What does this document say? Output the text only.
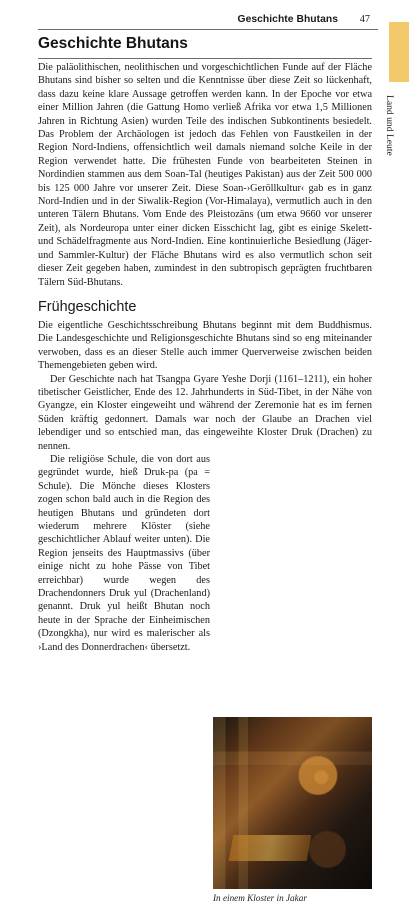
Geschichte Bhutans 47
Land und Leute
Geschichte Bhutans

Die paläolithischen, neolithischen und vorgeschichtlichen Funde auf der Fläche Bhutans sind bisher so selten und die Kenntnisse über diese Zeit so lückenhaft, dass dazu keine klare Aussage getroffen werden kann. In der Epoche vor etwa einer Million Jahren (die Gattung Homo verließ Afrika vor etwa 1,5 Millionen Jahren in Richtung Asien) wurden Teile des indischen Subkontinents besiedelt. Das Problem der Archäologen ist jedoch das Fehlen von Faustkeilen in der Region Nord-Indiens, offensichtlich weil damals niemand solche Keile in der Region verwendet hatte. Die frühesten Funde von bearbeiteten Steinen in Nordindien stammen aus dem Soan-Tal (heutiges Pakistan) aus der Zeit 500 000 bis 125 000 Jahre vor unserer Zeit. Diese Soan-›Geröllkultur‹ gab es in ganz Nord-Indien und in der Siwalik-Region (Vor-Himalaya), vermutlich auch in den unteren Tälern Bhutans. Vom Ende des Pleistozäns (um etwa 9660 vor unserer Zeit), als Nordeuropa unter einer dicken Eisschicht lag, gibt es einige Skelett- und Schädelfragmente aus Nord-Indien. Eine kontinuierliche Besiedlung (Jäger- und Sammler-Kultur) der Fläche Bhutans wird es also vermutlich schon seit dieser Zeit gegeben haben, zumindest in den subtropisch geprägten fruchtbaren Tälern Süd-Bhutans.

Frühgeschichte

Die eigentliche Geschichtsschreibung Bhutans beginnt mit dem Buddhismus. Die Landesgeschichte und Religionsgeschichte Bhutans sind so eng miteinander verwoben, dass es an dieser Stelle auch immer Querverweise zwischen beiden Themengebieten geben wird.

Der Geschichte nach hat Tsangpa Gyare Yeshe Dorji (1161–1211), ein hoher tibetischer Geistlicher, Ende des 12. Jahrhunderts in Süd-Tibet, in der Nähe von Gyangze, ein Kloster eingeweiht und während der Zeremonie hat es im fernen Süden kräftig gedonnert. Damals war noch der Glaube an Drachen viel lebendiger und so entschied man, das eingeweihte Kloster Druk (Drachen) zu nennen.

Die religiöse Schule, die von dort aus gegründet wurde, hieß Druk-pa (pa = Schule). Die Mönche dieses Klosters zogen schon bald auch in die Region des heutigen Bhutans und gründeten dort wiederum mehrere Klöster (siehe geschichtlicher Ablauf weiter unten). Die Region jenseits des Hauptmassivs (über einige nicht zu hohe Pässe von Tibet erreichbar) wurde wegen des Drachendonners Druk yul (Drachenland) genannt. Druk yul heißt Bhutan noch heute in der Sprache der Einheimischen (Dzongkha), nur wird es malerischer als ›Land des Donnerdrachen‹ übersetzt.

In einem Kloster in Jakar
